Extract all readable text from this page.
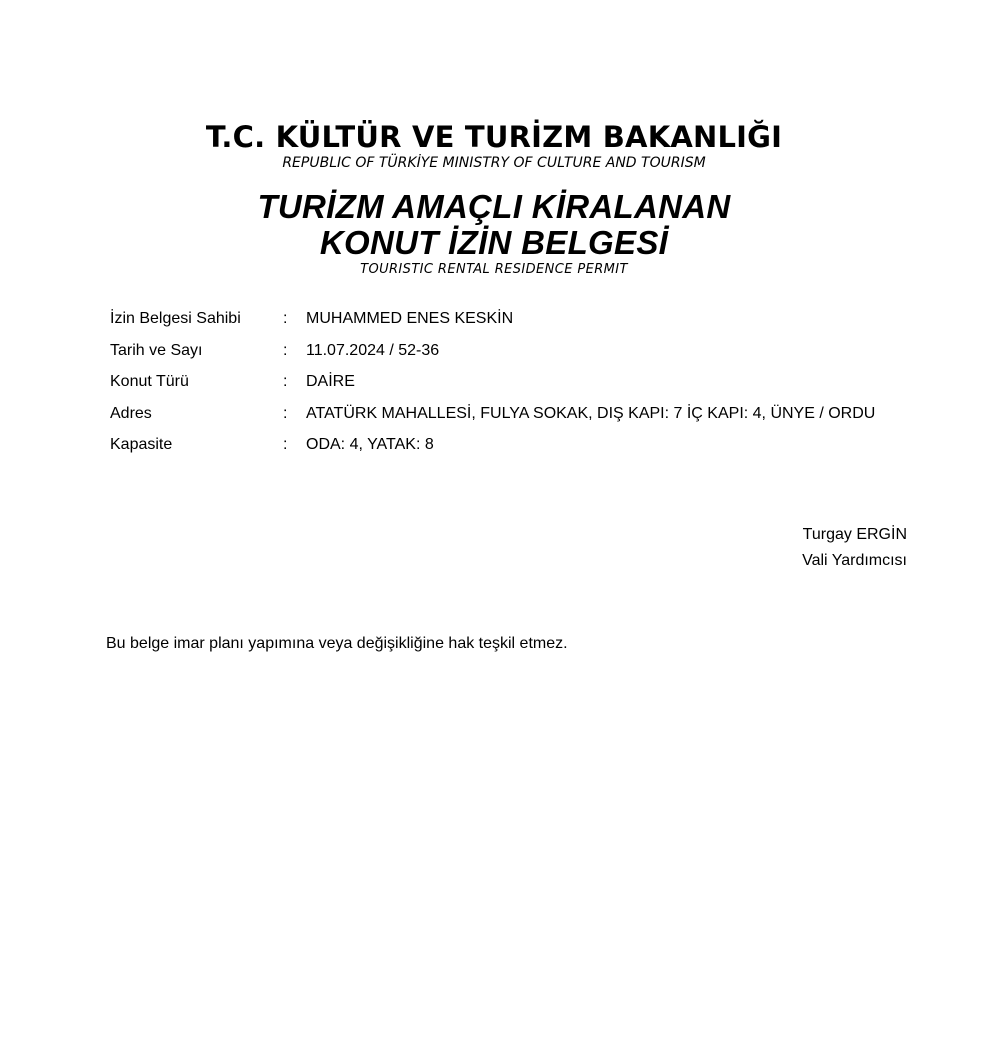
T.C. KÜLTÜR VE TURİZM BAKANLIĞI
REPUBLIC OF TÜRKİYE MINISTRY OF CULTURE AND TOURISM
TURİZM AMAÇLI KİRALANAN
KONUT İZİN BELGESİ
TOURISTIC RENTAL RESIDENCE PERMIT
İzin Belgesi Sahibi	: MUHAMMED ENES KESKİN
Tarih ve Sayı	: 11.07.2024 / 52-36
Konut Türü	: DAİRE
Adres	: ATATÜRK MAHALLESİ, FULYA SOKAK, DIŞ KAPI: 7 İÇ KAPI: 4, ÜNYE / ORDU
Kapasite	: ODA: 4, YATAK: 8
Turgay ERGİN
Vali Yardımcısı
Bu belge imar planı yapımına veya değişikliğine hak teşkil etmez.
